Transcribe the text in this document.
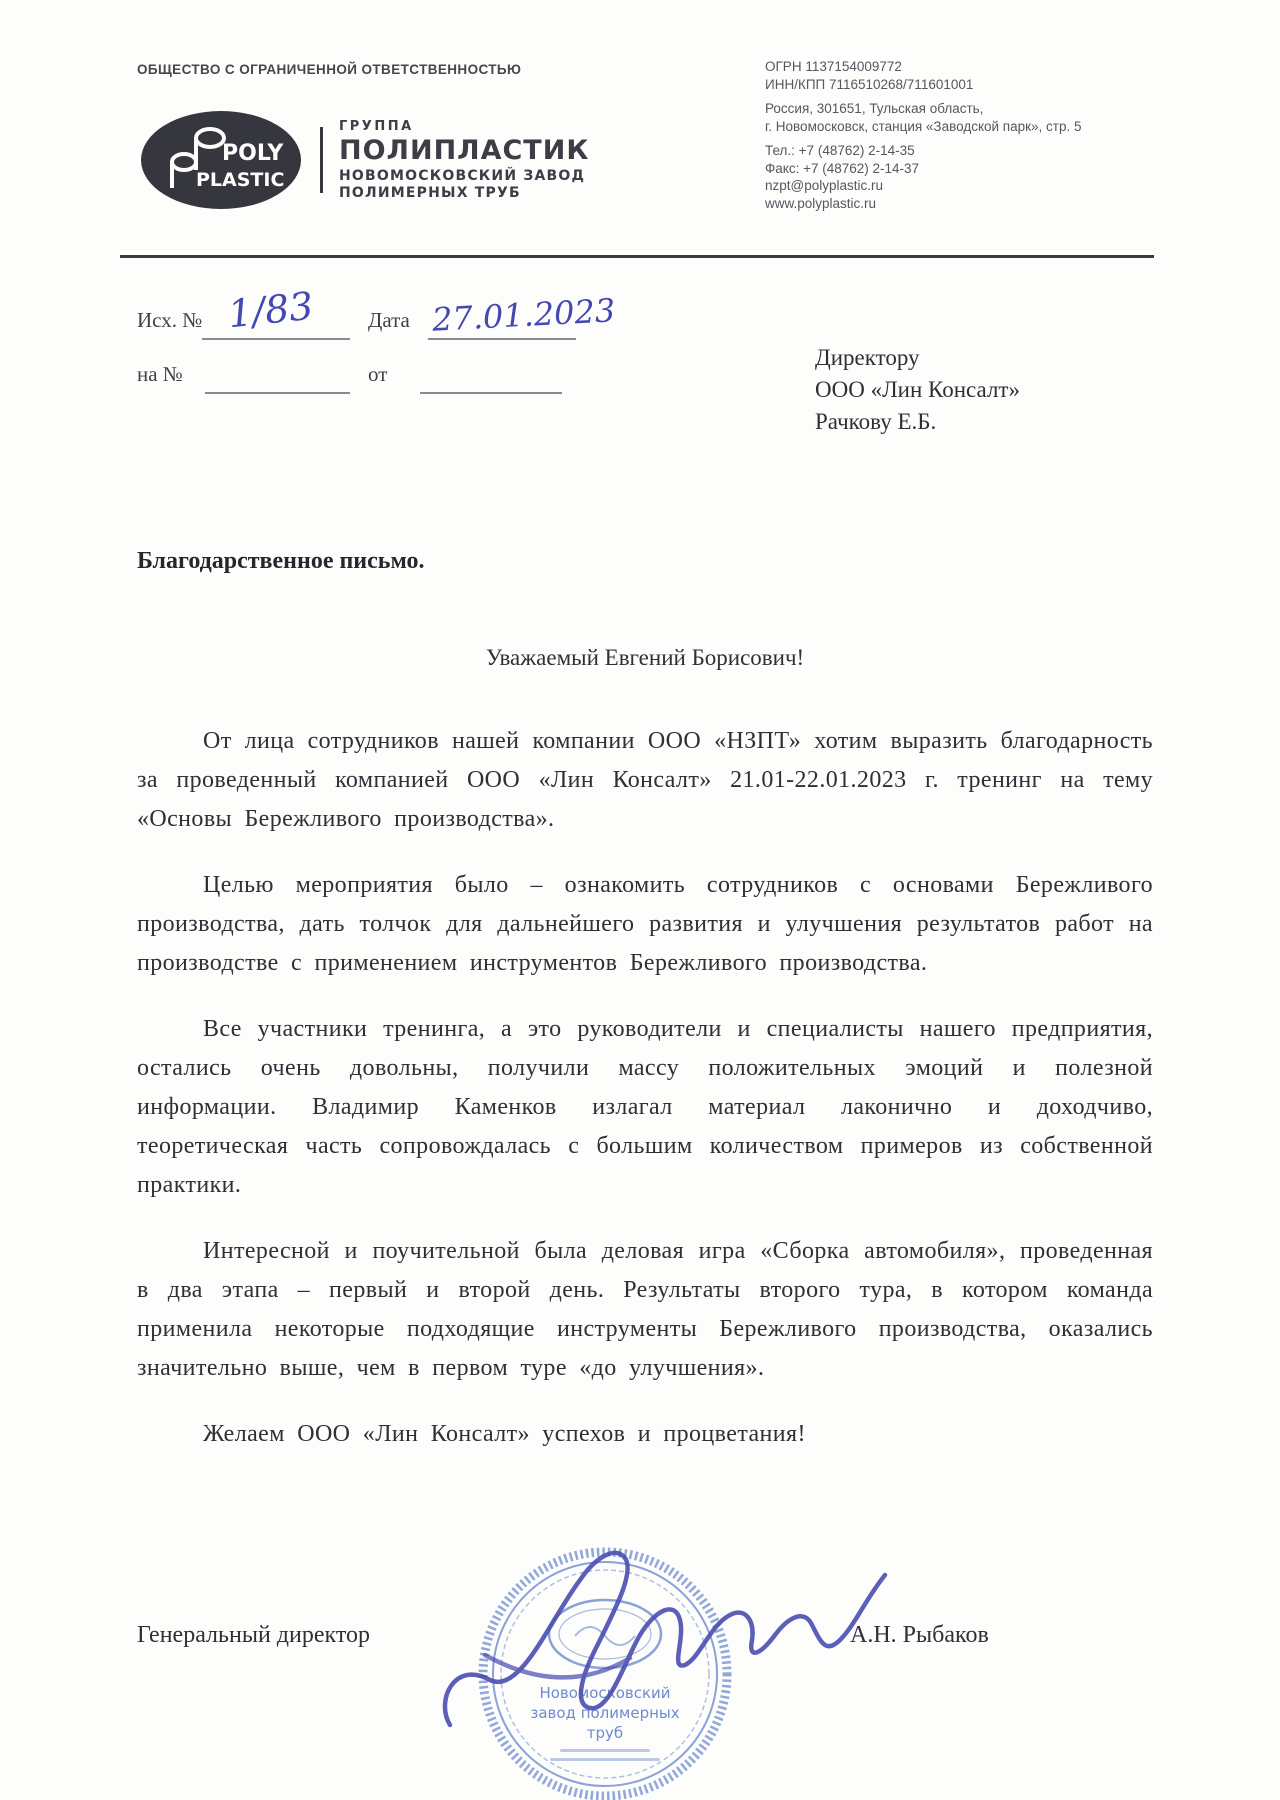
ОБЩЕСТВО С ОГРАНИЧЕННОЙ ОТВЕТСТВЕННОСТЬЮ
POLY
PLASTIC
ГРУППА
ПОЛИПЛАСТИК
НОВОМОСКОВСКИЙ ЗАВОД
ПОЛИМЕРНЫХ ТРУБ
ОГРН 1137154009772
ИНН/КПП 7116510268/711601001
Россия, 301651, Тульская область,
г. Новомосковск, станция «Заводской парк», стр. 5
Тел.: +7 (48762) 2-14-35
Факс: +7 (48762) 2-14-37
nzpt@polyplastic.ru
www.polyplastic.ru
Исх. № 1/83	Дата 27.01.2023
на №	от
Директору
ООО «Лин Консалт»
Рачкову Е.Б.
Благодарственное письмо.
Уважаемый Евгений Борисович!

От лица сотрудников нашей компании ООО «НЗПТ» хотим выразить благодарность за проведенный компанией ООО «Лин Консалт» 21.01-22.01.2023 г. тренинг на тему «Основы Бережливого производства».

Целью мероприятия было – ознакомить сотрудников с основами Бережливого производства, дать толчок для дальнейшего развития и улучшения результатов работ на производстве с применением инструментов Бережливого производства.

Все участники тренинга, а это руководители и специалисты нашего предприятия, остались очень довольны, получили массу положительных эмоций и полезной информации. Владимир Каменков излагал материал лаконично и доходчиво, теоретическая часть сопровождалась с большим количеством примеров из собственной практики.

Интересной и поучительной была деловая игра «Сборка автомобиля», проведенная в два этапа – первый и второй день. Результаты второго тура, в котором команда применила некоторые подходящие инструменты Бережливого производства, оказались значительно выше, чем в первом туре «до улучшения».

Желаем ООО «Лин Консалт» успехов и процветания!

Генеральный директор	А.Н. Рыбаков
Новомосковский
завод полимерных
труб
